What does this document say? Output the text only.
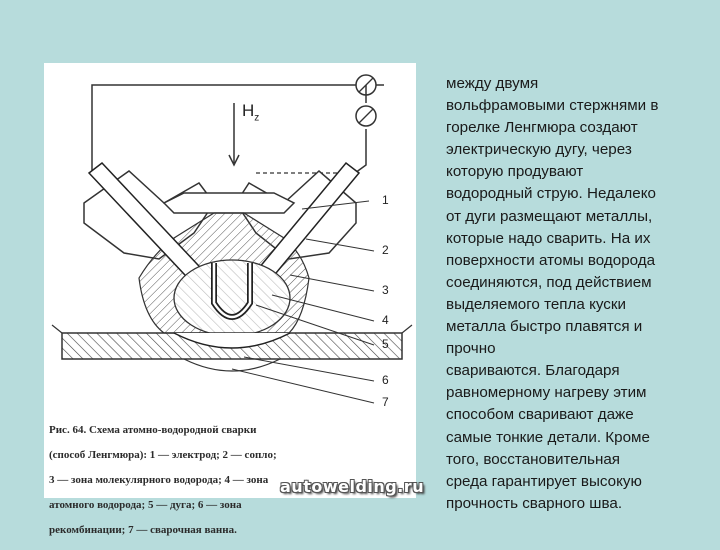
$H_z$
1
2
3
4
5
6
7

Рис. 64. Схема атомно-водородной сварки

(способ Ленгмюра): 1 — электрод; 2 — сопло;

3 — зона молекулярного водорода; 4 — зона

атомного водорода; 5 — дуга; 6 — зона

рекомбинации; 7 — сварочная ванна.

autowelding.ru
между двумя
вольфрамовыми стержнями в
горелке Ленгмюра создают
электрическую дугу, через
которую продувают
водородный струю. Недалеко
от дуги размещают металлы,
которые надо сварить. На их
поверхности атомы водорода
соединяются, под действием
выделяемого тепла куски
металла быстро плавятся и
прочно
свариваются. Благодаря
равномерному нагреву этим
способом сваривают даже
самые тонкие детали. Кроме
того, восстановительная
среда гарантирует высокую
прочность сварного шва.
